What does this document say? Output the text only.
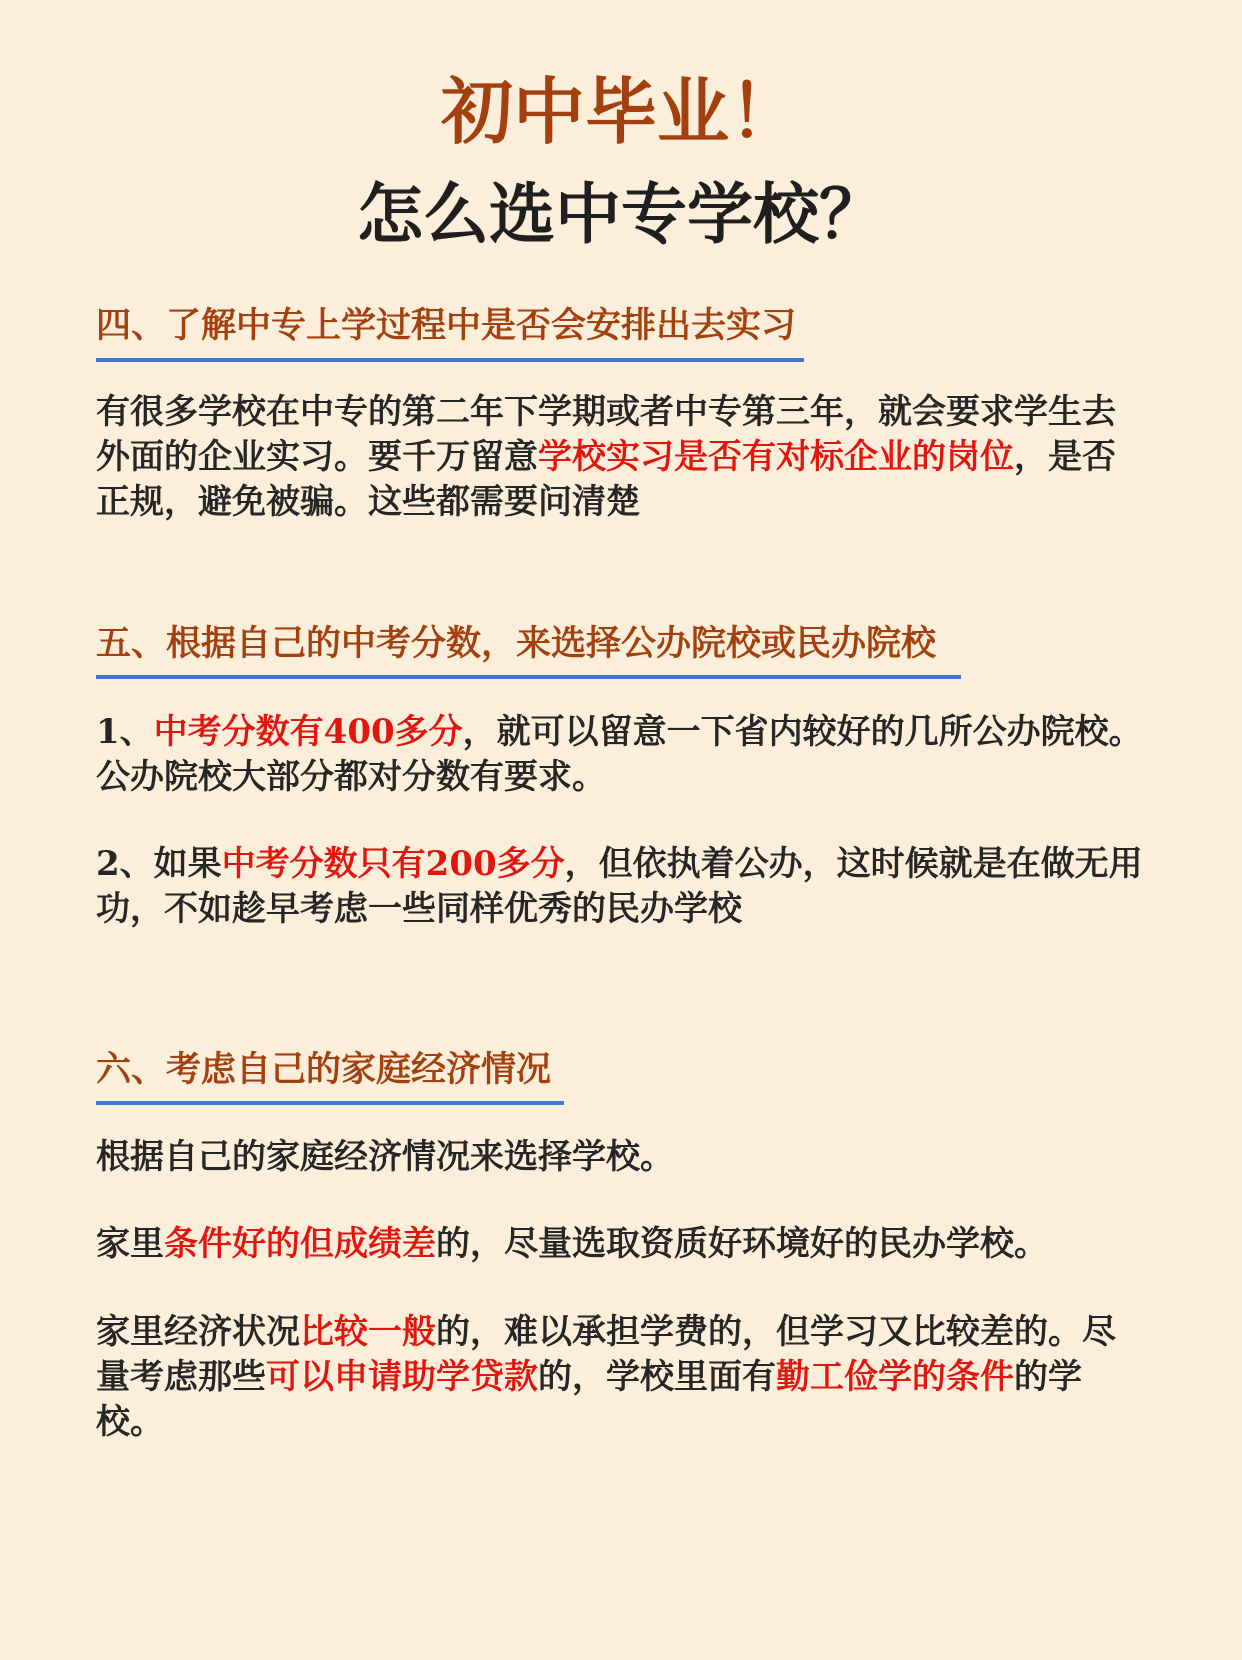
初中毕业！
怎么选中专学校？
四、了解中专上学过程中是否会安排出去实习

有很多学校在中专的第二年下学期或者中专第三年，就会要求学生去外面的企业实习。要千万留意学校实习是否有对标企业的岗位，是否正规，避免被骗。这些都需要问清楚

五、根据自己的中考分数，来选择公办院校或民办院校

1、中考分数有400多分，就可以留意一下省内较好的几所公办院校。公办院校大部分都对分数有要求。

2、如果中考分数只有200多分，但依执着公办，这时候就是在做无用功，不如趁早考虑一些同样优秀的民办学校

六、考虑自己的家庭经济情况

根据自己的家庭经济情况来选择学校。

家里条件好的但成绩差的，尽量选取资质好环境好的民办学校。

家里经济状况比较一般的，难以承担学费的，但学习又比较差的。尽量考虑那些可以申请助学贷款的，学校里面有勤工俭学的条件的学校。
